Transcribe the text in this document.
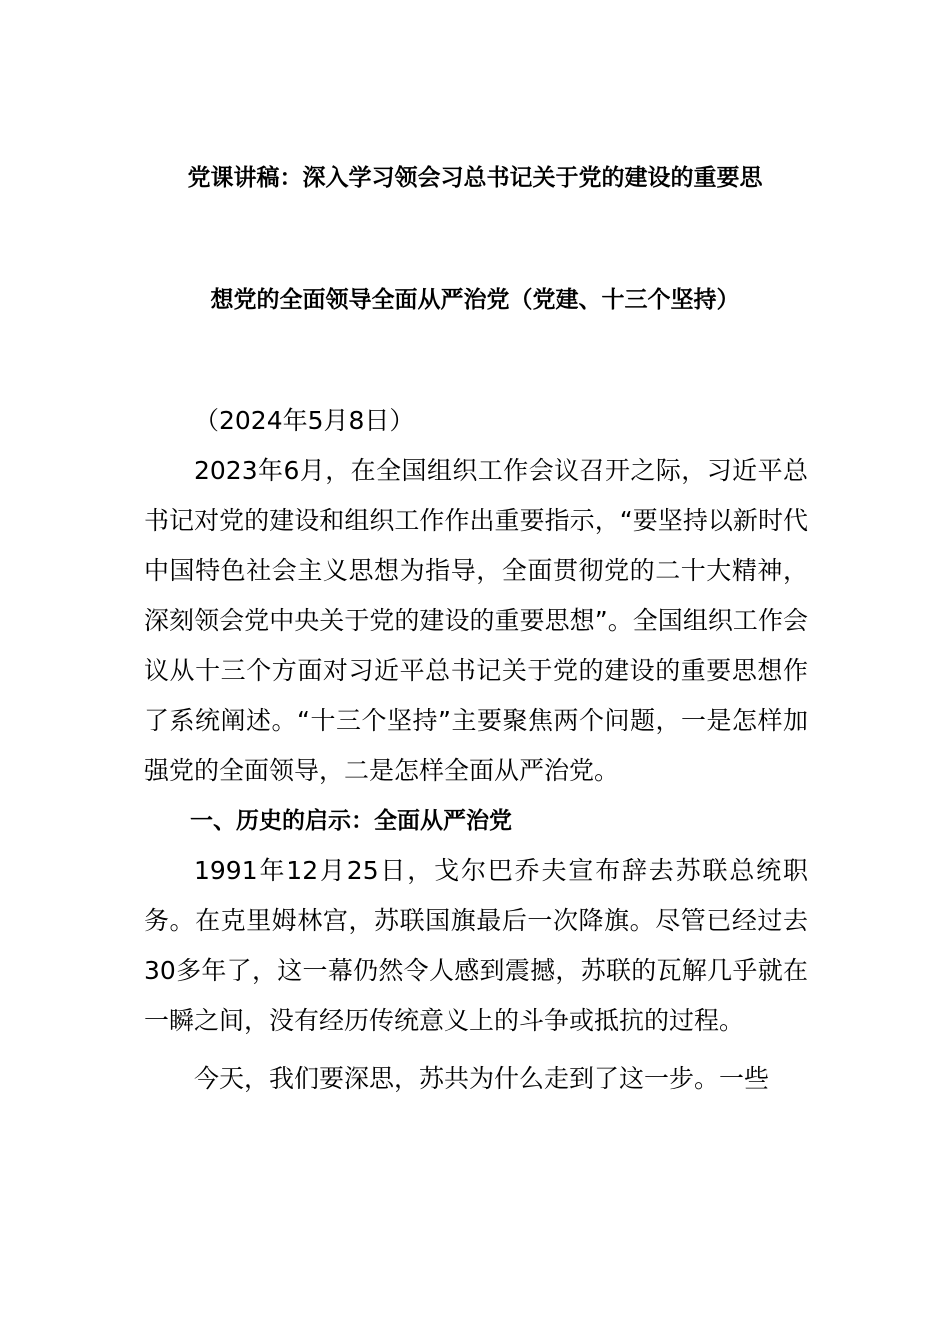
党课讲稿：深入学习领会习总书记关于党的建设的重要思
想党的全面领导全面从严治党（党建、十三个坚持）

（2024年5月8日）

2023年6月，在全国组织工作会议召开之际，习近平总书记对党的建设和组织工作作出重要指示，“要坚持以新时代中国特色社会主义思想为指导，全面贯彻党的二十大精神，深刻领会党中央关于党的建设的重要思想”。全国组织工作会议从十三个方面对习近平总书记关于党的建设的重要思想作了系统阐述。“十三个坚持”主要聚焦两个问题，一是怎样加强党的全面领导，二是怎样全面从严治党。

一、历史的启示：全面从严治党

1991年12月25日，戈尔巴乔夫宣布辞去苏联总统职务。在克里姆林宫，苏联国旗最后一次降旗。尽管已经过去30多年了，这一幕仍然令人感到震撼，苏联的瓦解几乎就在一瞬之间，没有经历传统意义上的斗争或抵抗的过程。

今天，我们要深思，苏共为什么走到了这一步。一些
